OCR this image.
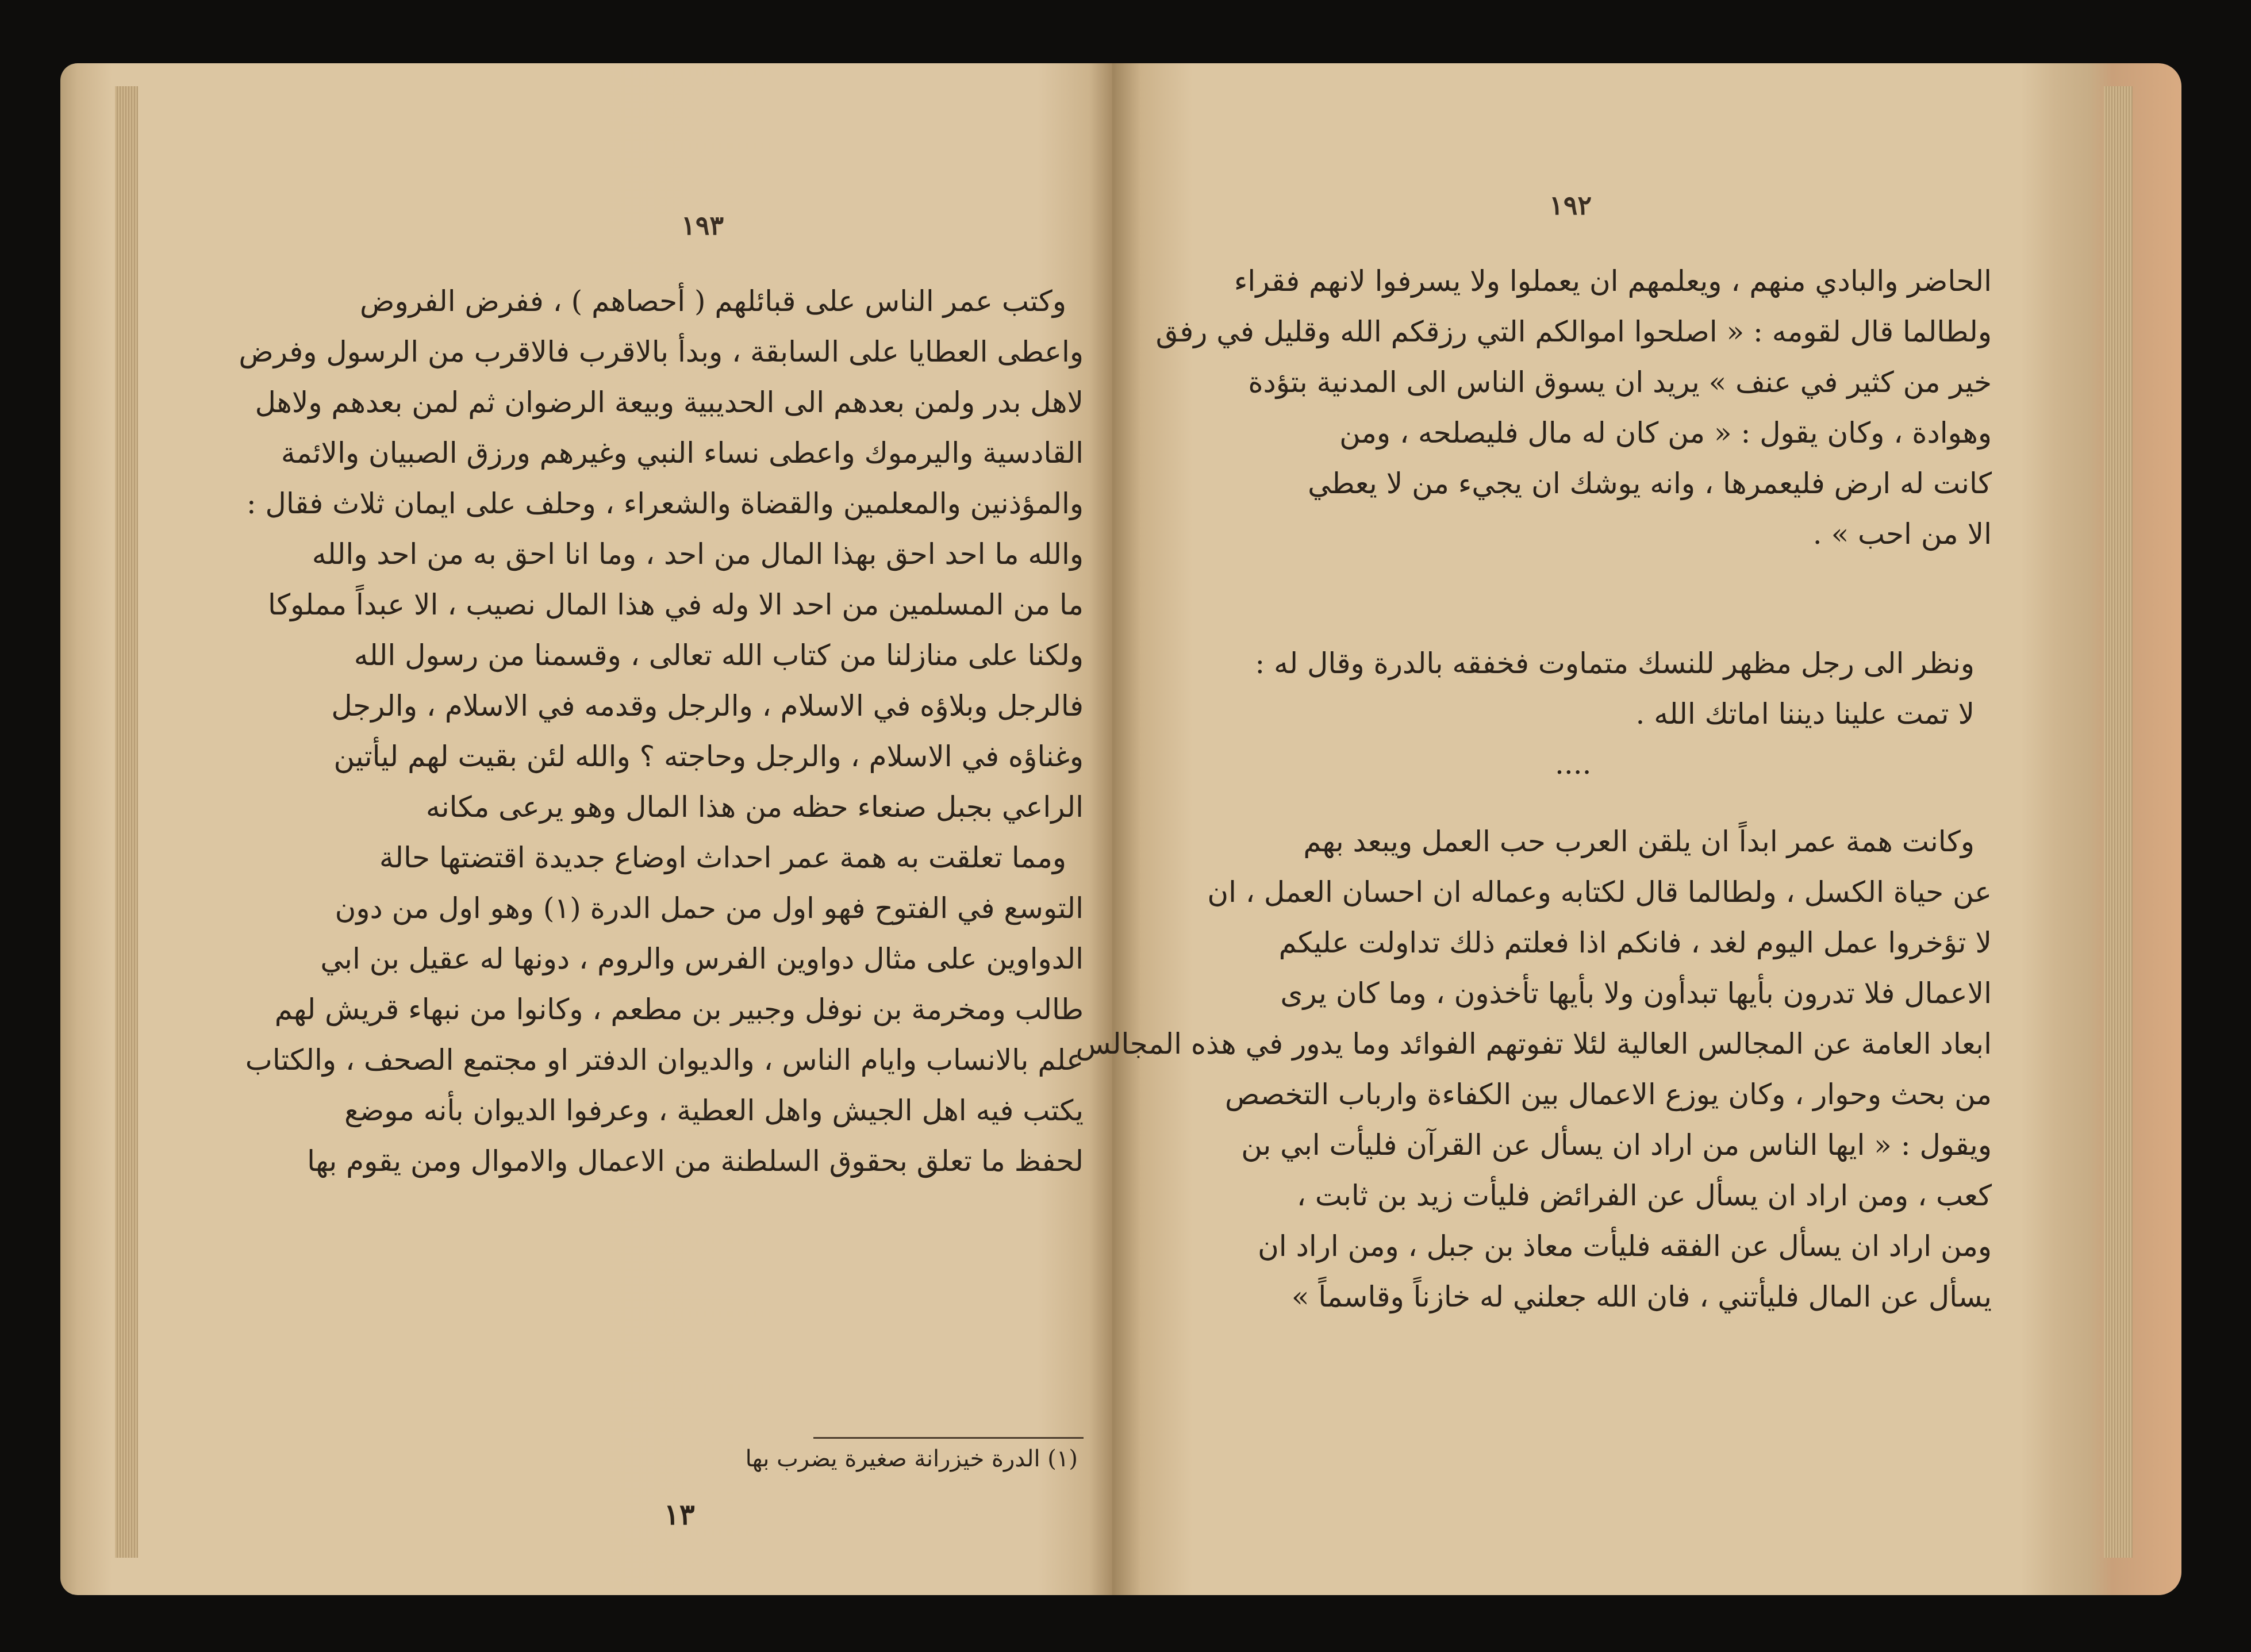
١٩٣
وكتب عمر الناس على قبائلهم ( أحصاهم ) ، ففرض الفروض
واعطى العطايا على السابقة ، وبدأ بالاقرب فالاقرب من الرسول وفرض
لاهل بدر ولمن بعدهم الى الحديبية وبيعة الرضوان ثم لمن بعدهم ولاهل
القادسية واليرموك واعطى نساء النبي وغيرهم ورزق الصبيان والائمة
والمؤذنين والمعلمين والقضاة والشعراء ، وحلف على ايمان ثلاث فقال :
والله ما احد احق بهذا المال من احد ، وما انا احق به من احد والله
ما من المسلمين من احد الا وله في هذا المال نصيب ، الا عبداً مملوكا
ولكنا على منازلنا من كتاب الله تعالى ، وقسمنا من رسول الله
فالرجل وبلاؤه في الاسلام ، والرجل وقدمه في الاسلام ، والرجل
وغناؤه في الاسلام ، والرجل وحاجته ؟ والله لئن بقيت لهم ليأتين
الراعي بجبل صنعاء حظه من هذا المال وهو يرعى مكانه
ومما تعلقت به همة عمر احداث اوضاع جديدة اقتضتها حالة
التوسع في الفتوح فهو اول من حمل الدرة (١) وهو اول من دون
الدواوين على مثال دواوين الفرس والروم ، دونها له عقيل بن ابي
طالب ومخرمة بن نوفل وجبير بن مطعم ، وكانوا من نبهاء قريش لهم
علم بالانساب وايام الناس ، والديوان الدفتر او مجتمع الصحف ، والكتاب
يكتب فيه اهل الجيش واهل العطية ، وعرفوا الديوان بأنه موضع
لحفظ ما تعلق بحقوق السلطنة من الاعمال والاموال ومن يقوم بها
(١) الدرة خيزرانة صغيرة يضرب بها
١٣
١٩٢
الحاضر والبادي منهم ، ويعلمهم ان يعملوا ولا يسرفوا لانهم فقراء
ولطالما قال لقومه : « اصلحوا اموالكم التي رزقكم الله وقليل في رفق
خير من كثير في عنف » يريد ان يسوق الناس الى المدنية بتؤدة
وهوادة ، وكان يقول : « من كان له مال فليصلحه ، ومن
كانت له ارض فليعمرها ، وانه يوشك ان يجيء من لا يعطي
الا من احب » .
ونظر الى رجل مظهر للنسك متماوت فخفقه بالدرة وقال له :
لا تمت علينا ديننا اماتك الله .
....
وكانت همة عمر ابداً ان يلقن العرب حب العمل ويبعد بهم
عن حياة الكسل ، ولطالما قال لكتابه وعماله ان احسان العمل ، ان
لا تؤخروا عمل اليوم لغد ، فانكم اذا فعلتم ذلك تداولت عليكم
الاعمال فلا تدرون بأيها تبدأون ولا بأيها تأخذون ، وما كان يرى
ابعاد العامة عن المجالس العالية لئلا تفوتهم الفوائد وما يدور في هذه المجالس
من بحث وحوار ، وكان يوزع الاعمال بين الكفاءة وارباب التخصص
ويقول : « ايها الناس من اراد ان يسأل عن القرآن فليأت ابي بن
كعب ، ومن اراد ان يسأل عن الفرائض فليأت زيد بن ثابت ،
ومن اراد ان يسأل عن الفقه فليأت معاذ بن جبل ، ومن اراد ان
يسأل عن المال فليأتني ، فان الله جعلني له خازناً وقاسماً »
